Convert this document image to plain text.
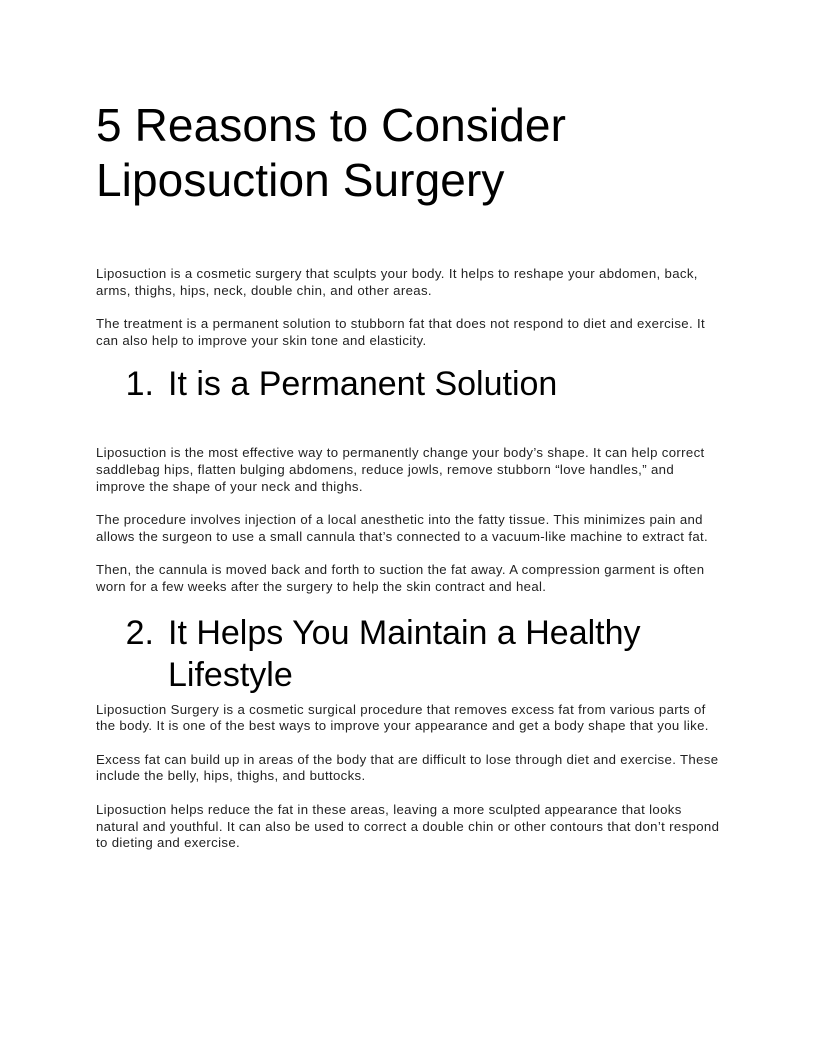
5 Reasons to Consider Liposuction Surgery

Liposuction is a cosmetic surgery that sculpts your body. It helps to reshape your abdomen, back, arms, thighs, hips, neck, double chin, and other areas.

The treatment is a permanent solution to stubborn fat that does not respond to diet and exercise. It can also help to improve your skin tone and elasticity.

1. It is a Permanent Solution

Liposuction is the most effective way to permanently change your body’s shape. It can help correct saddlebag hips, flatten bulging abdomens, reduce jowls, remove stubborn “love handles,” and improve the shape of your neck and thighs.

The procedure involves injection of a local anesthetic into the fatty tissue. This minimizes pain and allows the surgeon to use a small cannula that’s connected to a vacuum-like machine to extract fat.

Then, the cannula is moved back and forth to suction the fat away. A compression garment is often worn for a few weeks after the surgery to help the skin contract and heal.

2. It Helps You Maintain a Healthy Lifestyle

Liposuction Surgery is a cosmetic surgical procedure that removes excess fat from various parts of the body. It is one of the best ways to improve your appearance and get a body shape that you like.

Excess fat can build up in areas of the body that are difficult to lose through diet and exercise. These include the belly, hips, thighs, and buttocks.

Liposuction helps reduce the fat in these areas, leaving a more sculpted appearance that looks natural and youthful. It can also be used to correct a double chin or other contours that don’t respond to dieting and exercise.
